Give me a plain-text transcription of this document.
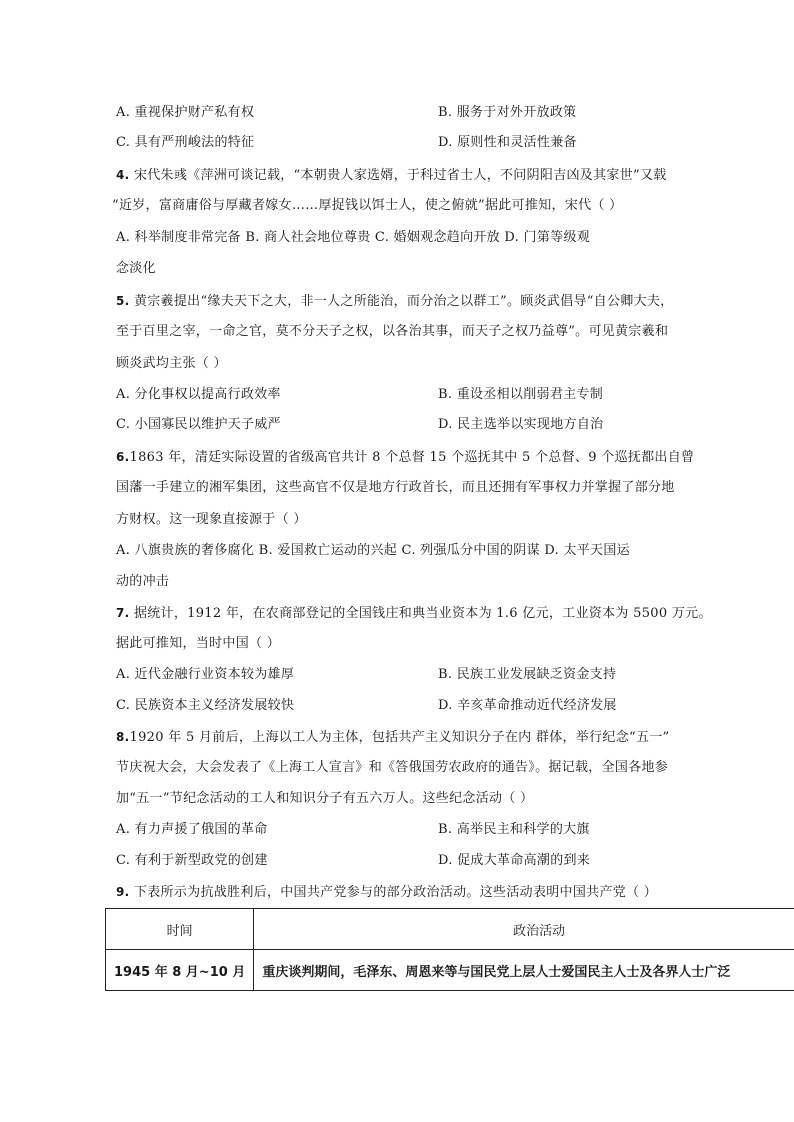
A. 重视保护财产私有权	B. 服务于对外开放政策
C. 具有严刑峻法的特征	D. 原则性和灵活性兼备
4. 宋代朱彧《萍洲可谈记载，“本朝贵人家选婿，于科过省士人，不问阴阳吉凶及其家世”又载
“近岁，富商庸俗与厚藏者嫁女……厚捉钱以饵士人，使之俯就”据此可推知，宋代（ ）
A. 科举制度非常完备 B. 商人社会地位尊贵 C. 婚姻观念趋向开放 D. 门第等级观
念淡化
5. 黄宗羲提出“缘夫天下之大，非一人之所能治，而分治之以群工”。顾炎武倡导“自公卿大夫，
至于百里之宰，一命之官，莫不分天子之权，以各治其事，而天子之权乃益尊”。可见黄宗羲和
顾炎武均主张（ ）
A. 分化事权以提高行政效率	B. 重设丞相以削弱君主专制
C. 小国寡民以维护天子威严	D. 民主选举以实现地方自治
6.1863 年，清廷实际设置的省级高官共计 8 个总督 15 个巡抚其中 5 个总督、9 个巡抚都出自曾
国藩一手建立的湘军集团，这些高官不仅是地方行政首长，而且还拥有军事权力并掌握了部分地
方财权。这一现象直接源于（ ）
A. 八旗贵族的奢侈腐化 B. 爱国救亡运动的兴起 C. 列强瓜分中国的阴谋 D. 太平天国运
动的冲击
7. 据统计，1912 年，在农商部登记的全国钱庄和典当业资本为 1.6 亿元，工业资本为 5500 万元。
据此可推知，当时中国（ ）
A. 近代金融行业资本较为雄厚	B. 民族工业发展缺乏资金支持
C. 民族资本主义经济发展较快	D. 辛亥革命推动近代经济发展
8.1920 年 5 月前后，上海以工人为主体，包括共产主义知识分子在内 群体，举行纪念“五一”
节庆祝大会，大会发表了《上海工人宣言》和《答俄国劳农政府的通告》。据记载，全国各地参
加“五一”节纪念活动的工人和知识分子有五六万人。这些纪念活动（ ）
A. 有力声援了俄国的革命	B. 高举民主和科学的大旗
C. 有利于新型政党的创建	D. 促成大革命高潮的到来
9. 下表所示为抗战胜利后，中国共产党参与的部分政治活动。这些活动表明中国共产党（ ）
时间	政治活动
1945 年 8 月~10 月	重庆谈判期间，毛泽东、周恩来等与国民党上层人士爱国民主人士及各界人士广泛
